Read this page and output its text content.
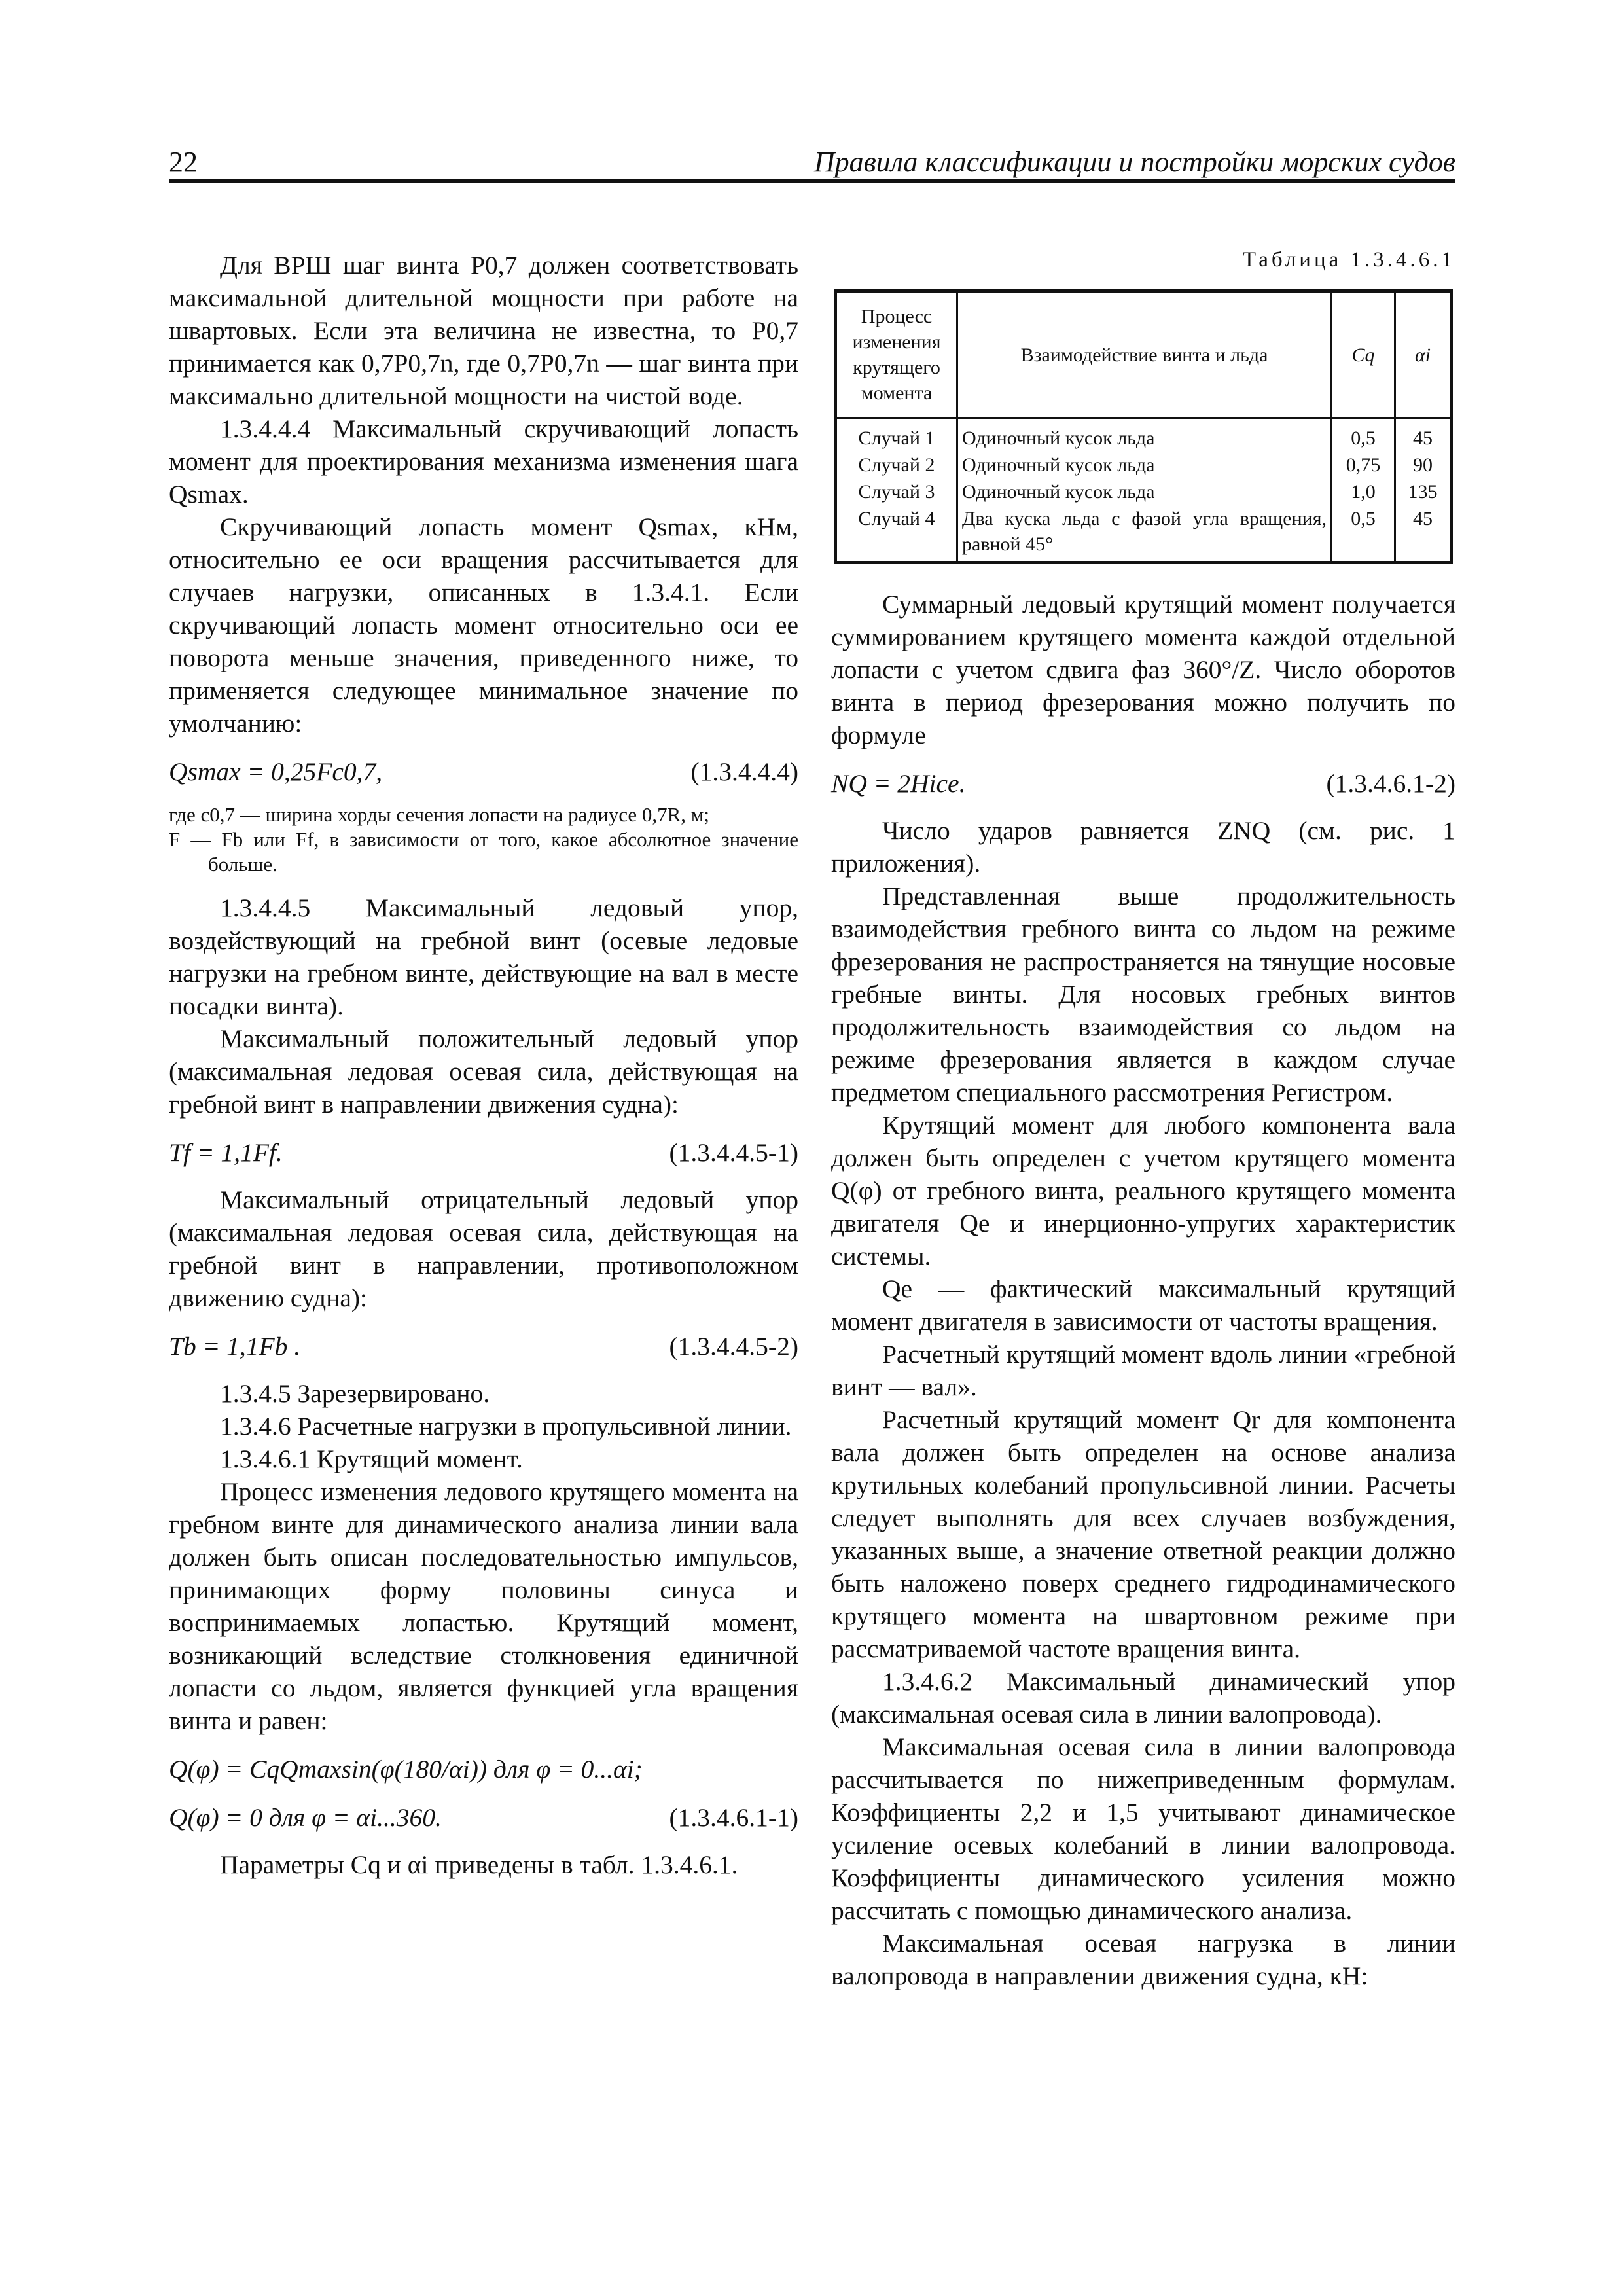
22	Правила классификации и постройки морских судов

Для ВРШ шаг винта P0,7 должен соответствовать максимальной длительной мощности при работе на швартовых. Если эта величина не известна, то P0,7 принимается как 0,7P0,7n, где 0,7P0,7n — шаг винта при максимально длительной мощности на чистой воде.

1.3.4.4.4 Максимальный скручивающий лопасть момент для проектирования механизма изменения шага Qsmax.

Скручивающий лопасть момент Qsmax, кНм, относительно ее оси вращения рассчитывается для случаев нагрузки, описанных в 1.3.4.1. Если скручивающий лопасть момент относительно оси ее поворота меньше значения, приведенного ниже, то применяется следующее минимальное значение по умолчанию:

Qsmax = 0,25Fc0,7,	(1.3.4.4.4)

где c0,7 — ширина хорды сечения лопасти на радиусе 0,7R, м;

F — Fb или Ff, в зависимости от того, какое абсолютное значение больше.

1.3.4.4.5 Максимальный ледовый упор, воздействующий на гребной винт (осевые ледовые нагрузки на гребном винте, действующие на вал в месте посадки винта).

Максимальный положительный ледовый упор (максимальная ледовая осевая сила, действующая на гребной винт в направлении движения судна):

Tf = 1,1Ff.	(1.3.4.4.5-1)

Максимальный отрицательный ледовый упор (максимальная ледовая осевая сила, действующая на гребной винт в направлении, противоположном движению судна):

Tb = 1,1Fb .	(1.3.4.4.5-2)

1.3.4.5 Зарезервировано.

1.3.4.6 Расчетные нагрузки в пропульсивной линии.

1.3.4.6.1 Крутящий момент.

Процесс изменения ледового крутящего момента на гребном винте для динамического анализа линии вала должен быть описан последовательностью импульсов, принимающих форму половины синуса и воспринимаемых лопастью. Крутящий момент, возникающий вследствие столкновения единичной лопасти со льдом, является функцией угла вращения винта и равен:

Q(φ) = CqQmaxsin(φ(180/αi)) для φ = 0...αi;

Q(φ) = 0 для φ = αi...360.	(1.3.4.6.1-1)

Параметры Cq и αi приведены в табл. 1.3.4.6.1.

Таблица 1.3.4.6.1

Процесс изменения крутящего момента	Взаимодействие винта и льда	Cq	αi
Случай 1	Одиночный кусок льда	0,5	45
Случай 2	Одиночный кусок льда	0,75	90
Случай 3	Одиночный кусок льда	1,0	135
Случай 4	Два куска льда с фазой угла вращения, равной 45°	0,5	45

Суммарный ледовый крутящий момент получается суммированием крутящего момента каждой отдельной лопасти с учетом сдвига фаз 360°/Z. Число оборотов винта в период фрезерования можно получить по формуле

NQ = 2Hice.	(1.3.4.6.1-2)

Число ударов равняется ZNQ (см. рис. 1 приложения).

Представленная выше продолжительность взаимодействия гребного винта со льдом на режиме фрезерования не распространяется на тянущие носовые гребные винты. Для носовых гребных винтов продолжительность взаимодействия со льдом на режиме фрезерования является в каждом случае предметом специального рассмотрения Регистром.

Крутящий момент для любого компонента вала должен быть определен с учетом крутящего момента Q(φ) от гребного винта, реального крутящего момента двигателя Qe и инерционно-упругих характеристик системы.

Qe — фактический максимальный крутящий момент двигателя в зависимости от частоты вращения.

Расчетный крутящий момент вдоль линии «гребной винт — вал».

Расчетный крутящий момент Qr для компонента вала должен быть определен на основе анализа крутильных колебаний пропульсивной линии. Расчеты следует выполнять для всех случаев возбуждения, указанных выше, а значение ответной реакции должно быть наложено поверх среднего гидродинамического крутящего момента на швартовном режиме при рассматриваемой частоте вращения винта.

1.3.4.6.2 Максимальный динамический упор (максимальная осевая сила в линии валопровода).

Максимальная осевая сила в линии валопровода рассчитывается по нижеприведенным формулам. Коэффициенты 2,2 и 1,5 учитывают динамическое усиление осевых колебаний в линии валопровода. Коэффициенты динамического усиления можно рассчитать с помощью динамического анализа.

Максимальная осевая нагрузка в линии валопровода в направлении движения судна, кН:
